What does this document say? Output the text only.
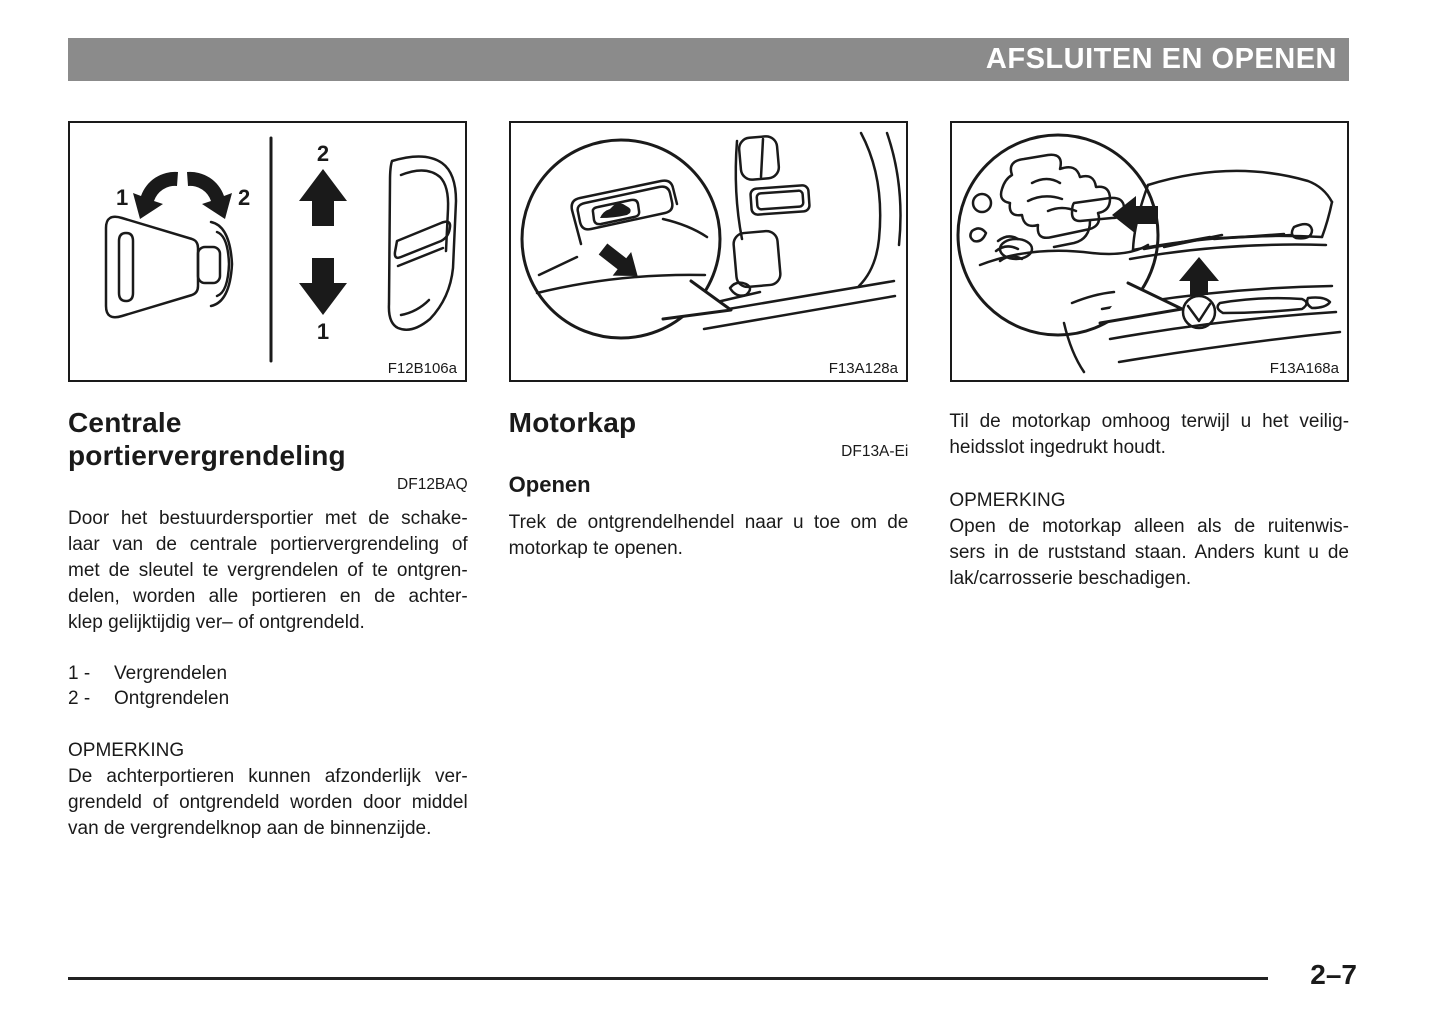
AFSLUITEN EN OPENEN
1	2
2
1
F12B106a	F13A128a	F13A168a
Centrale
portiervergrendeling
DF12BAQ
Door het bestuurdersportier met de schake-
laar van de centrale portiervergrendeling of
met de sleutel te vergrendelen of te ontgren-
delen, worden alle portieren en de achter-
klep gelijktijdig ver– of ontgrendeld.
1 -	Vergrendelen
2 -	Ontgrendelen
OPMERKING
De achterportieren kunnen afzonderlijk ver-
grendeld of ontgrendeld worden door middel
van de vergrendelknop aan de binnenzijde.
Motorkap
DF13A-Ei
Openen
Trek de ontgrendelhendel naar u toe om de
motorkap te openen.
Til de motorkap omhoog terwijl u het veilig-
heidsslot ingedrukt houdt.
OPMERKING
Open de motorkap alleen als de ruitenwis-
sers in de ruststand staan. Anders kunt u de
lak/carrosserie beschadigen.
2–7
